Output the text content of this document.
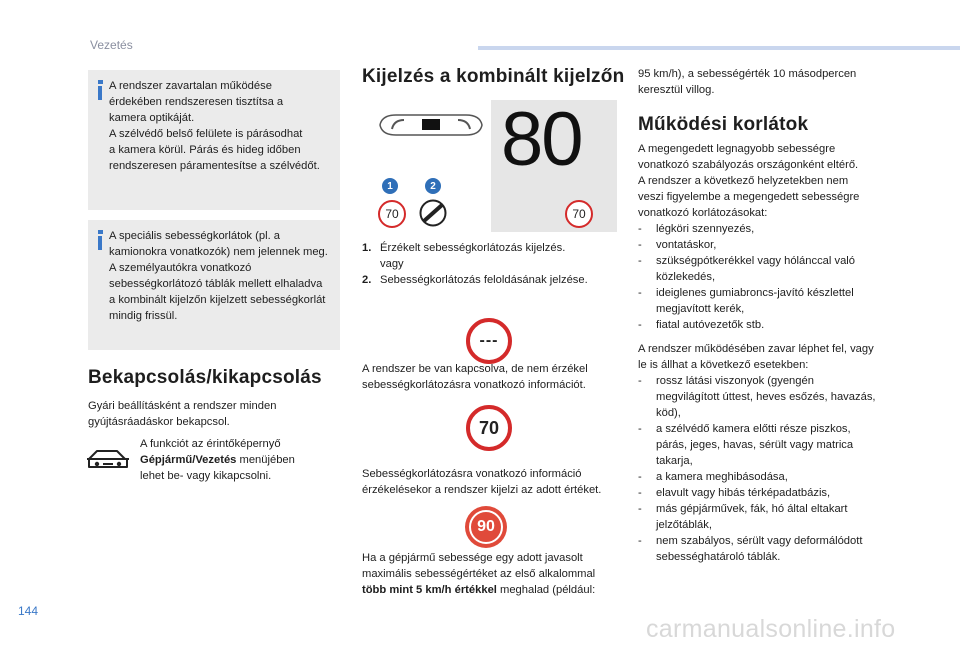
Vezetés

A rendszer zavartalan működése
érdekében rendszeresen tisztítsa a
kamera optikáját.
A szélvédő belső felülete is párásodhat
a kamera körül. Párás és hideg időben
rendszeresen páramentesítse a szélvédőt.

A speciális sebességkorlátok (pl. a
kamionokra vonatkozók) nem jelennek meg.
A személyautókra vonatkozó
sebességkorlátozó táblák mellett elhaladva
a kombinált kijelzőn kijelzett sebességkorlát
mindig frissül.

Bekapcsolás/kikapcsolás

Gyári beállításként a rendszer minden
gyújtásráadáskor bekapcsol.

A funkciót az érintőképernyő
Gépjármű/Vezetés menüjében
lehet be- vagy kikapcsolni.

Kijelzés a kombinált kijelzőn
80
1	2
70	70
1. Érzékelt sebességkorlátozás kijelzés.
vagy
2. Sebességkorlátozás feloldásának jelzése.
---

A rendszer be van kapcsolva, de nem érzékel
sebességkorlátozásra vonatkozó információt.

70

Sebességkorlátozásra vonatkozó információ
érzékelésekor a rendszer kijelzi az adott értéket.

90

Ha a gépjármű sebessége egy adott javasolt
maximális sebességértéket az első alkalommal
több mint 5 km/h értékkel meghalad (például:

95 km/h), a sebességérték 10 másodpercen
keresztül villog.

Működési korlátok

A megengedett legnagyobb sebességre
vonatkozó szabályozás országonként eltérő.
A rendszer a következő helyzetekben nem
veszi figyelembe a megengedett sebességre
vonatkozó korlátozásokat:

-	légköri szennyezés,
-	vontatáskor,
-	szükségpótkerékkel vagy hólánccal való
közlekedés,
-	ideiglenes gumiabroncs-javító készlettel
megjavított kerék,
-	fiatal autóvezetők stb.

A rendszer működésében zavar léphet fel, vagy
le is állhat a következő esetekben:

-	rossz látási viszonyok (gyengén
megvilágított úttest, heves esőzés, havazás,
köd),
-	a szélvédő kamera előtti része piszkos,
párás, jeges, havas, sérült vagy matrica
takarja,
-	a kamera meghibásodása,
-	elavult vagy hibás térképadatbázis,
-	más gépjárművek, fák, hó által eltakart
jelzőtáblák,
-	nem szabályos, sérült vagy deformálódott
sebességhatároló táblák.
144
carmanualsonline.info
